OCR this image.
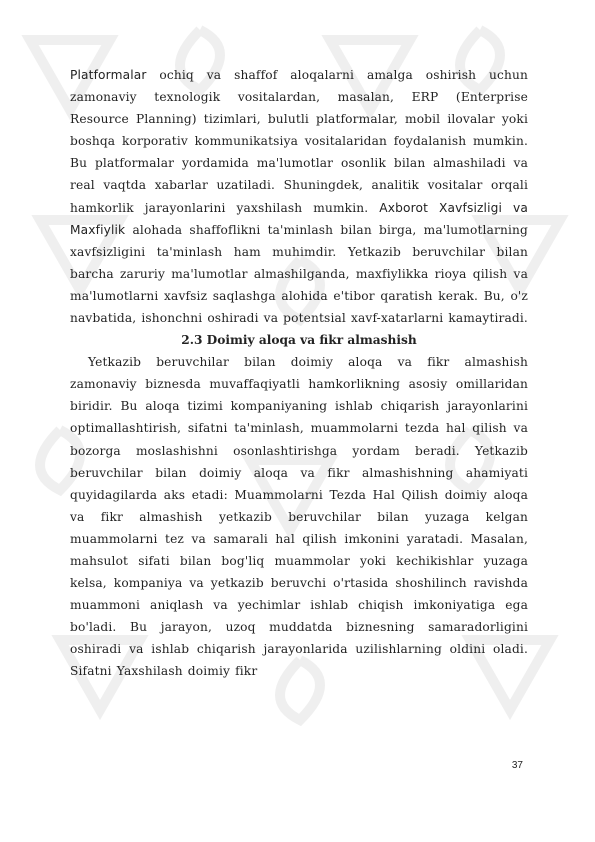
Platformalar ochiq va shaffof aloqalarni amalga oshirish uchun zamonaviy texnologik vositalardan, masalan, ERP (Enterprise Resource Planning) tizimlari, bulutli platformalar, mobil ilovalar yoki boshqa korporativ kommunikatsiya vositalaridan foydalanish mumkin. Bu platformalar yordamida ma'lumotlar osonlik bilan almashiladi va real vaqtda xabarlar uzatiladi. Shuningdek, analitik vositalar orqali hamkorlik jarayonlarini yaxshilash mumkin. Axborot Xavfsizligi va Maxfiylik alohada shaffoflikni ta'minlash bilan birga, ma'lumotlarning xavfsizligini ta'minlash ham muhimdir. Yetkazib beruvchilar bilan barcha zaruriy ma'lumotlar almashilganda, maxfiylikka rioya qilish va ma'lumotlarni xavfsiz saqlashga alohida e'tibor qaratish kerak. Bu, o'z navbatida, ishonchni oshiradi va potentsial xavf-xatarlarni kamaytiradi.

2.3 Doimiy aloqa va fikr almashish

Yetkazib beruvchilar bilan doimiy aloqa va fikr almashish zamonaviy biznesda muvaffaqiyatli hamkorlikning asosiy omillaridan biridir. Bu aloqa tizimi kompaniyaning ishlab chiqarish jarayonlarini optimallashtirish, sifatni ta'minlash, muammolarni tezda hal qilish va bozorga moslashishni osonlashtirishga yordam beradi. Yetkazib beruvchilar bilan doimiy aloqa va fikr almashishning ahamiyati quyidagilarda aks etadi: Muammolarni Tezda Hal Qilish doimiy aloqa va fikr almashish yetkazib beruvchilar bilan yuzaga kelgan muammolarni tez va samarali hal qilish imkonini yaratadi. Masalan, mahsulot sifati bilan bog'liq muammolar yoki kechikishlar yuzaga kelsa, kompaniya va yetkazib beruvchi o'rtasida shoshilinch ravishda muammoni aniqlash va yechimlar ishlab chiqish imkoniyatiga ega bo'ladi. Bu jarayon, uzoq muddatda biznesning samaradorligini oshiradi va ishlab chiqarish jarayonlarida uzilishlarning oldini oladi. Sifatni Yaxshilash doimiy fikr

37
